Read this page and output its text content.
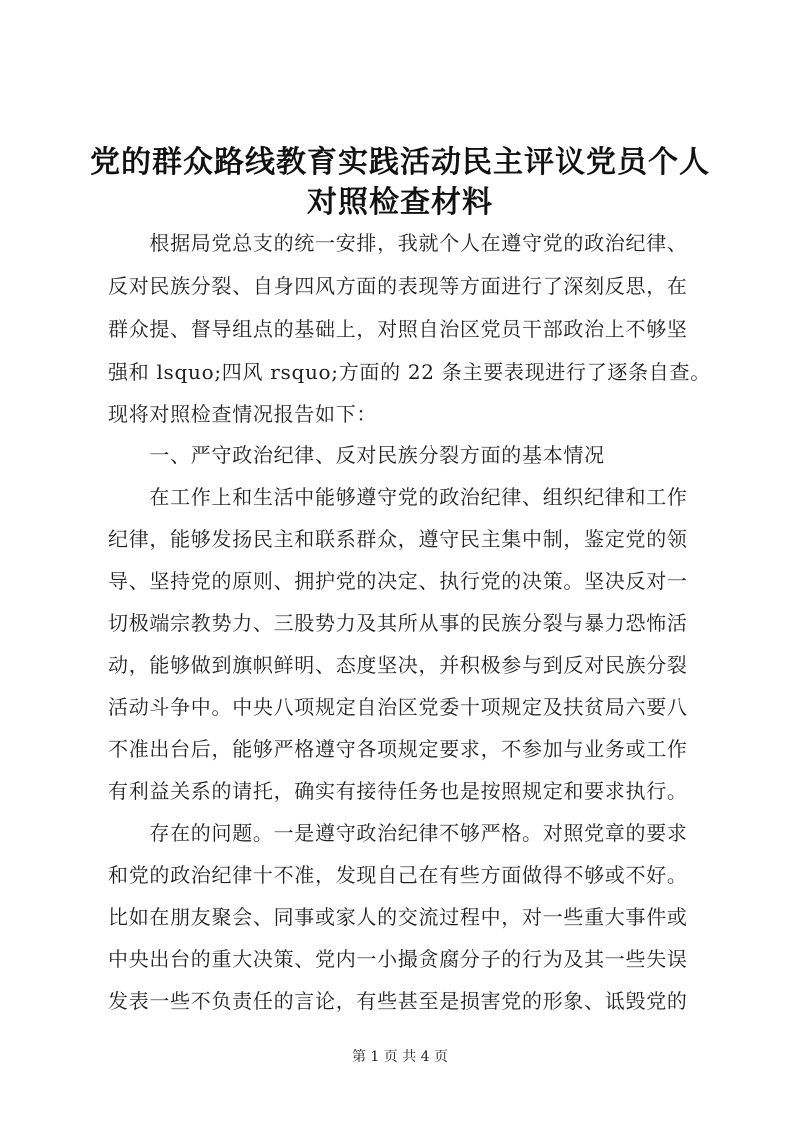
党的群众路线教育实践活动民主评议党员个人
对照检查材料
　　根据局党总支的统一安排，我就个人在遵守党的政治纪律、
反对民族分裂、自身四风方面的表现等方面进行了深刻反思，在
群众提、督导组点的基础上，对照自治区党员干部政治上不够坚
强和 lsquo;四风 rsquo;方面的 22 条主要表现进行了逐条自查。
现将对照检查情况报告如下：
　　一、严守政治纪律、反对民族分裂方面的基本情况
　　在工作上和生活中能够遵守党的政治纪律、组织纪律和工作
纪律，能够发扬民主和联系群众，遵守民主集中制，鉴定党的领
导、坚持党的原则、拥护党的决定、执行党的决策。坚决反对一
切极端宗教势力、三股势力及其所从事的民族分裂与暴力恐怖活
动，能够做到旗帜鲜明、态度坚决，并积极参与到反对民族分裂
活动斗争中。中央八项规定自治区党委十项规定及扶贫局六要八
不准出台后，能够严格遵守各项规定要求，不参加与业务或工作
有利益关系的请托，确实有接待任务也是按照规定和要求执行。
　　存在的问题。一是遵守政治纪律不够严格。对照党章的要求
和党的政治纪律十不准，发现自己在有些方面做得不够或不好。
比如在朋友聚会、同事或家人的交流过程中，对一些重大事件或
中央出台的重大决策、党内一小撮贪腐分子的行为及其一些失误
发表一些不负责任的言论，有些甚至是损害党的形象、诋毁党的
第 1 页 共 4 页
